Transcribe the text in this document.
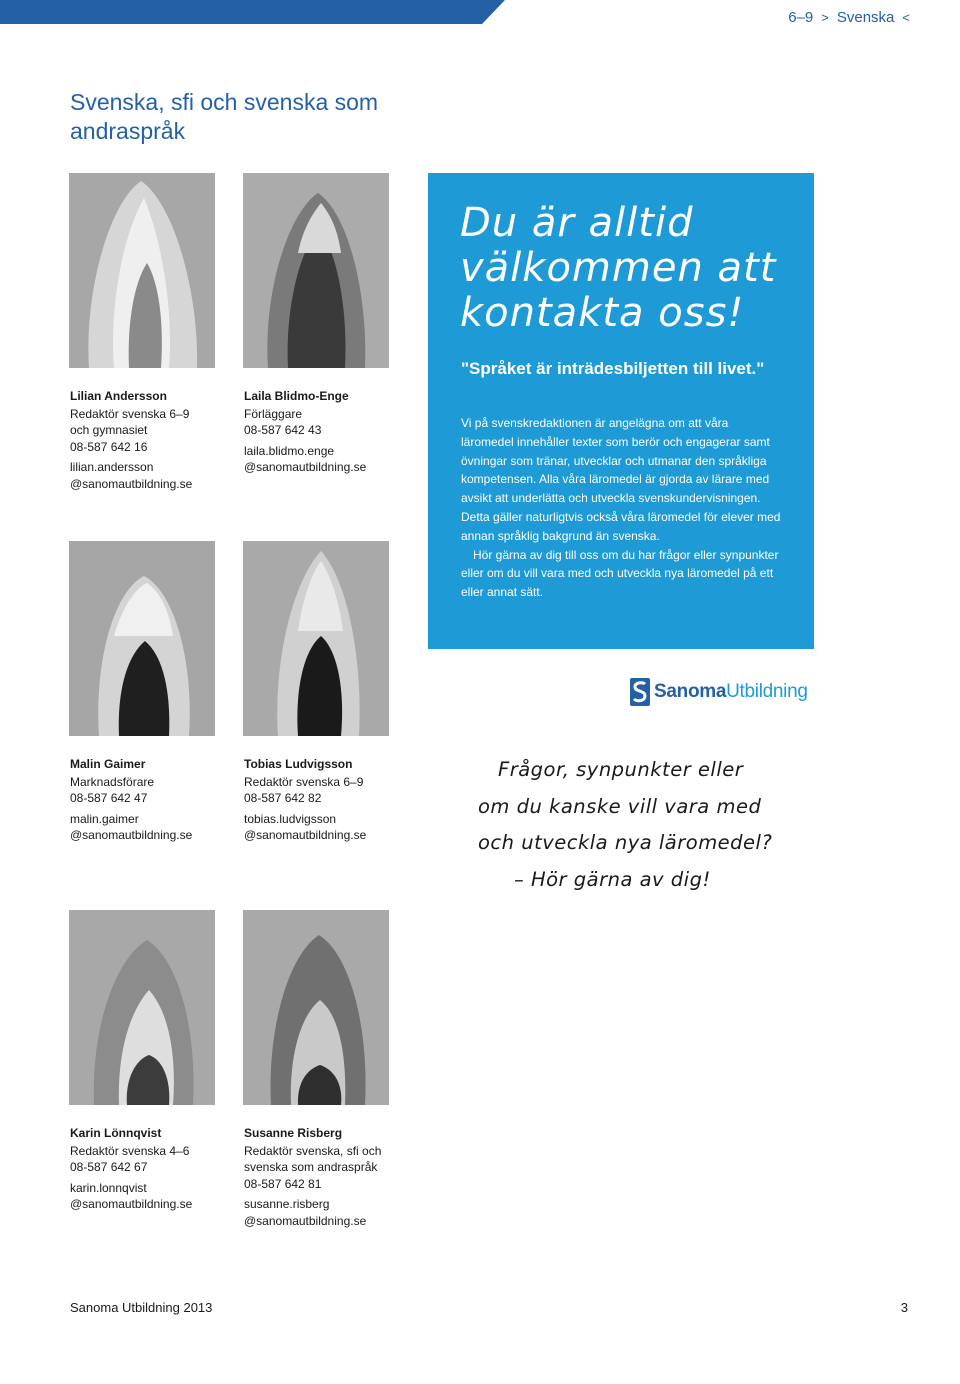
6–9 > Svenska <
Svenska, sfi och svenska som andraspråk
Lilian Andersson
Redaktör svenska 6–9
och gymnasiet
08-587 642 16
lilian.andersson
@sanomautbildning.se
Laila Blidmo-Enge
Förläggare
08-587 642 43
laila.blidmo.enge
@sanomautbildning.se
Du är alltid
välkommen att
kontakta oss!
"Språket är inträdesbiljetten till livet."

Vi på svenskredaktionen är angelägna om att våra läromedel innehåller texter som berör och engagerar samt övningar som tränar, utvecklar och utmanar den språkliga kompetensen. Alla våra läromedel är gjorda av lärare med avsikt att underlätta och utveckla svenskundervisningen. Detta gäller naturligtvis också våra läromedel för elever med annan språklig bakgrund än svenska.

Hör gärna av dig till oss om du har frågor eller synpunkter eller om du vill vara med och utveckla nya läromedel på ett eller annat sätt.

SanomaUtbildning
Malin Gaimer
Marknadsförare
08-587 642 47
malin.gaimer
@sanomautbildning.se
Tobias Ludvigsson
Redaktör svenska 6–9
08-587 642 82
tobias.ludvigsson
@sanomautbildning.se
Frågor, synpunkter eller
om du kanske vill vara med
och utveckla nya läromedel?
– Hör gärna av dig!
Karin Lönnqvist
Redaktör svenska 4–6
08-587 642 67
karin.lonnqvist
@sanomautbildning.se
Susanne Risberg
Redaktör svenska, sfi och
svenska som andraspråk
08-587 642 81
susanne.risberg
@sanomautbildning.se
Sanoma Utbildning 2013	3
